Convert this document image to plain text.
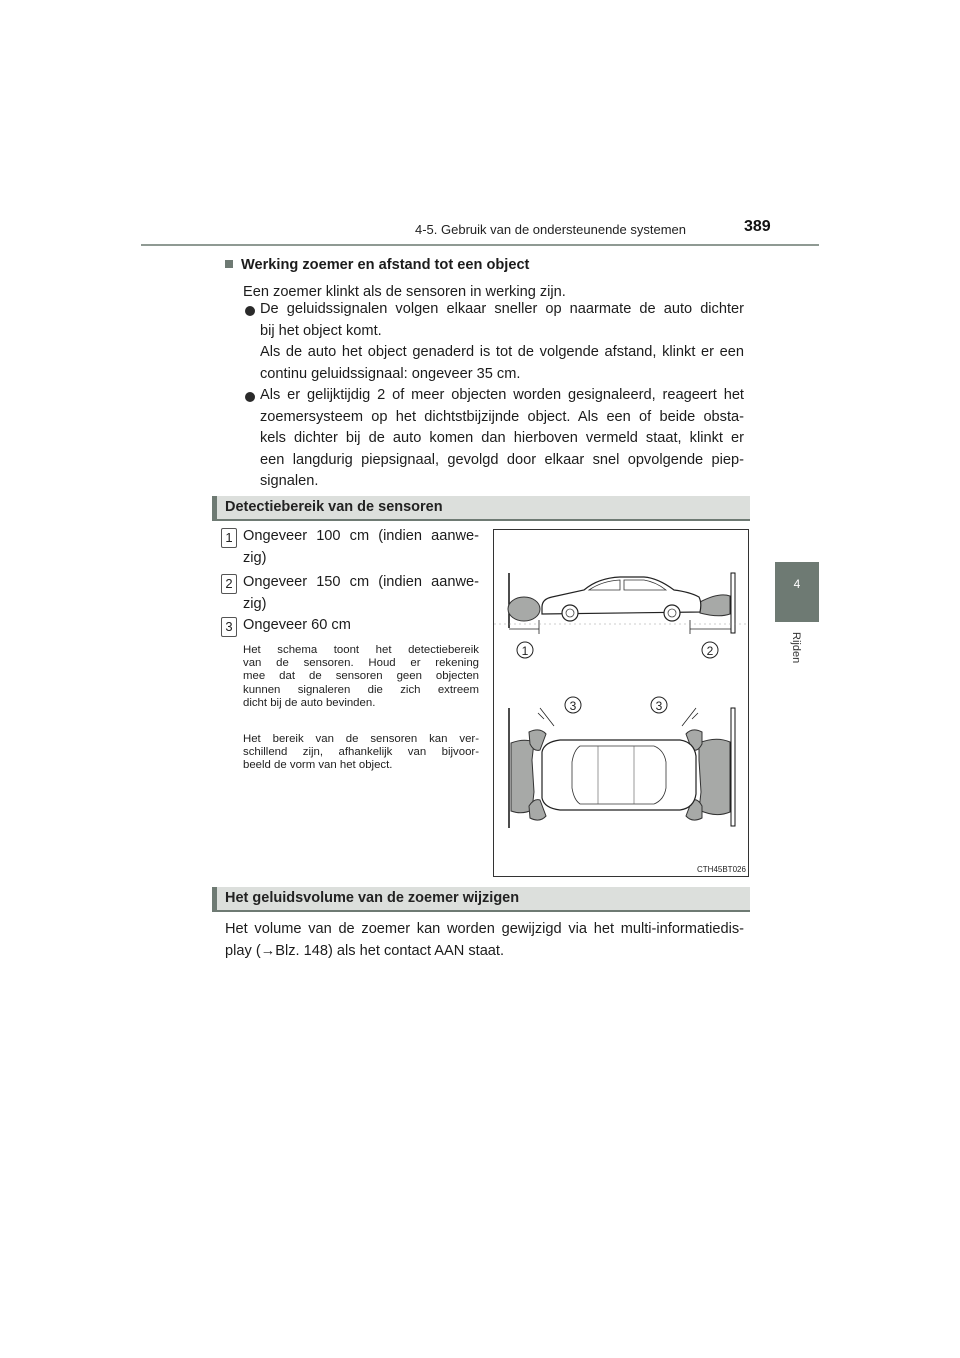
4-5. Gebruik van de ondersteunende systemen	389
4
Rijden
Werking zoemer en afstand tot een object
Een zoemer klinkt als de sensoren in werking zijn.
De geluidssignalen volgen elkaar sneller op naarmate de auto dichter
bij het object komt.
Als de auto het object genaderd is tot de volgende afstand, klinkt er een
continu geluidssignaal: ongeveer 35 cm.
Als er gelijktijdig 2 of meer objecten worden gesignaleerd, reageert het
zoemersysteem op het dichtstbijzijnde object. Als een of beide obsta-
kels dichter bij de auto komen dan hierboven vermeld staat, klinkt er
een langdurig piepsignaal, gevolgd door elkaar snel opvolgende piep-
signalen.
Detectiebereik van de sensoren
1 Ongeveer 100 cm (indien aanwe-
zig)
2 Ongeveer 150 cm (indien aanwe-
zig)
3 Ongeveer 60 cm
Het schema toont het detectiebereik
van de sensoren. Houd er rekening
mee dat de sensoren geen objecten
kunnen signaleren die zich extreem
dicht bij de auto bevinden.
Het bereik van de sensoren kan ver-
schillend zijn, afhankelijk van bijvoor-
beeld de vorm van het object.
1	2
3	3
CTH45BT026
Het geluidsvolume van de zoemer wijzigen
Het volume van de zoemer kan worden gewijzigd via het multi-informatiedis-
play (→Blz. 148) als het contact AAN staat.
